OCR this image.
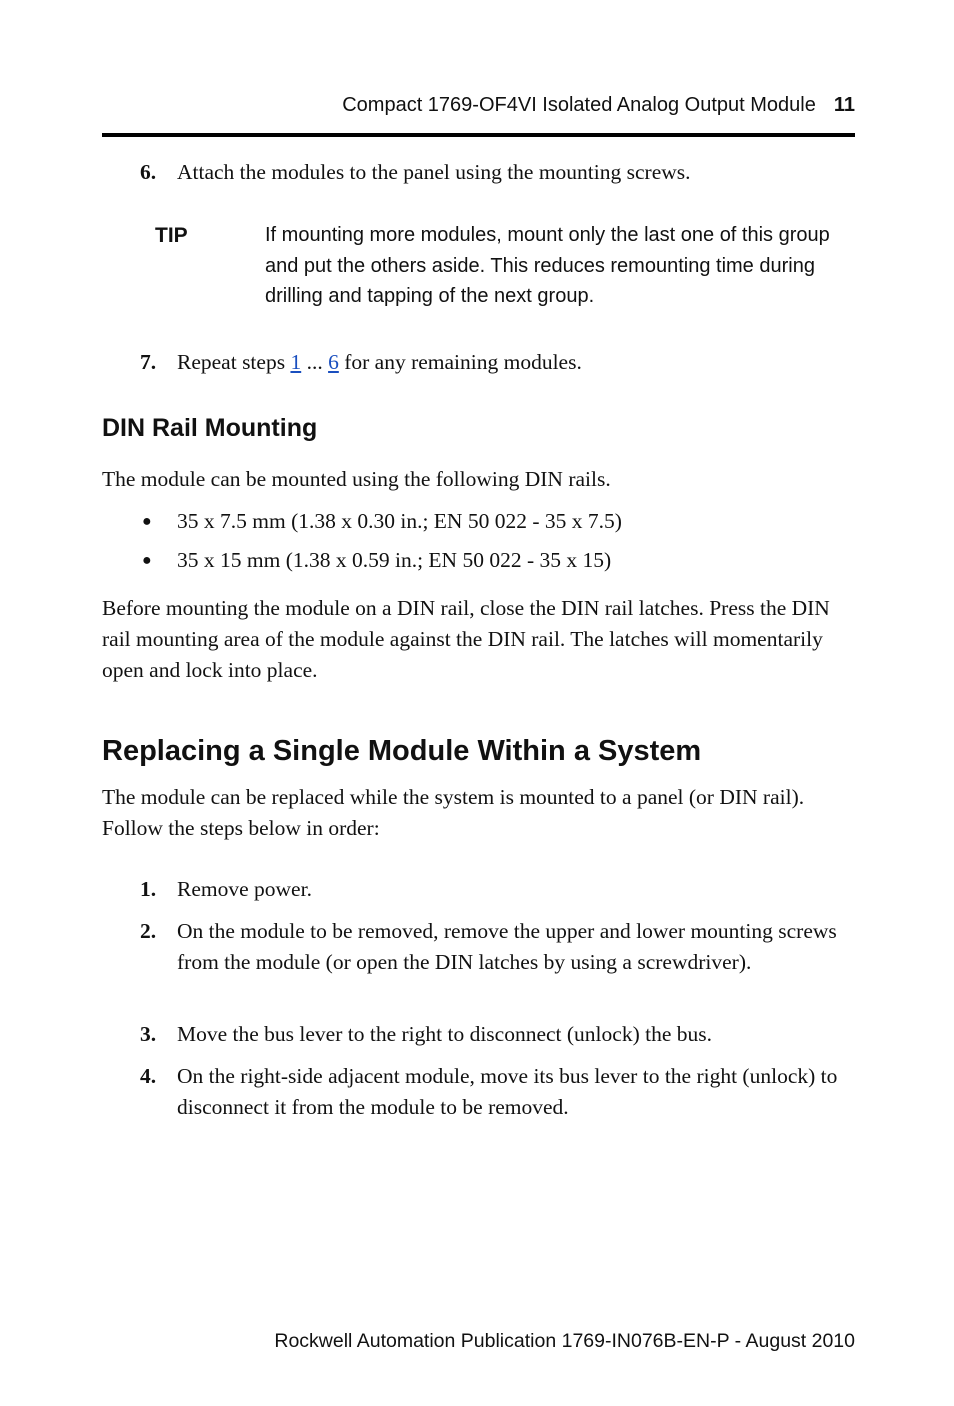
Compact 1769-OF4VI Isolated Analog Output Module 11
6. Attach the modules to the panel using the mounting screws.
TIP	If mounting more modules, mount only the last one of this group and put the others aside. This reduces remounting time during drilling and tapping of the next group.
7. Repeat steps 1 ... 6 for any remaining modules.
DIN Rail Mounting
The module can be mounted using the following DIN rails.
● 35 x 7.5 mm (1.38 x 0.30 in.; EN 50 022 - 35 x 7.5)
● 35 x 15 mm (1.38 x 0.59 in.; EN 50 022 - 35 x 15)
Before mounting the module on a DIN rail, close the DIN rail latches. Press the DIN rail mounting area of the module against the DIN rail. The latches will momentarily open and lock into place.
Replacing a Single Module Within a System
The module can be replaced while the system is mounted to a panel (or DIN rail). Follow the steps below in order:
1. Remove power.
2. On the module to be removed, remove the upper and lower mounting screws from the module (or open the DIN latches by using a screwdriver).
3. Move the bus lever to the right to disconnect (unlock) the bus.
4. On the right-side adjacent module, move its bus lever to the right (unlock) to disconnect it from the module to be removed.
Rockwell Automation Publication 1769-IN076B-EN-P - August 2010
